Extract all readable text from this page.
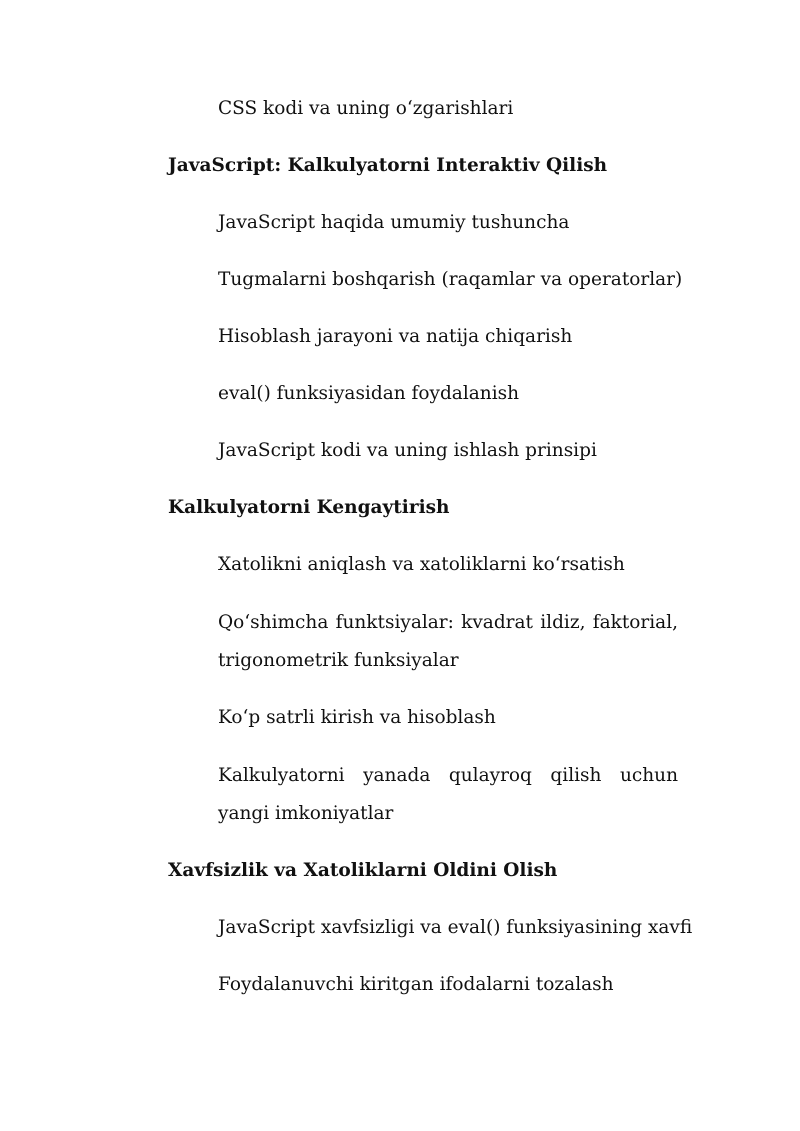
CSS kodi va uning o‘zgarishlari

JavaScript: Kalkulyatorni Interaktiv Qilish

JavaScript haqida umumiy tushuncha

Tugmalarni boshqarish (raqamlar va operatorlar)

Hisoblash jarayoni va natija chiqarish

eval() funksiyasidan foydalanish

JavaScript kodi va uning ishlash prinsipi

Kalkulyatorni Kengaytirish

Xatolikni aniqlash va xatoliklarni ko‘rsatish

Qo‘shimcha funktsiyalar: kvadrat ildiz, faktorial, trigonometrik funksiyalar

Ko‘p satrli kirish va hisoblash

Kalkulyatorni yanada qulayroq qilish uchun yangi imkoniyatlar

Xavfsizlik va Xatoliklarni Oldini Olish

JavaScript xavfsizligi va eval() funksiyasining xavfi

Foydalanuvchi kiritgan ifodalarni tozalash
